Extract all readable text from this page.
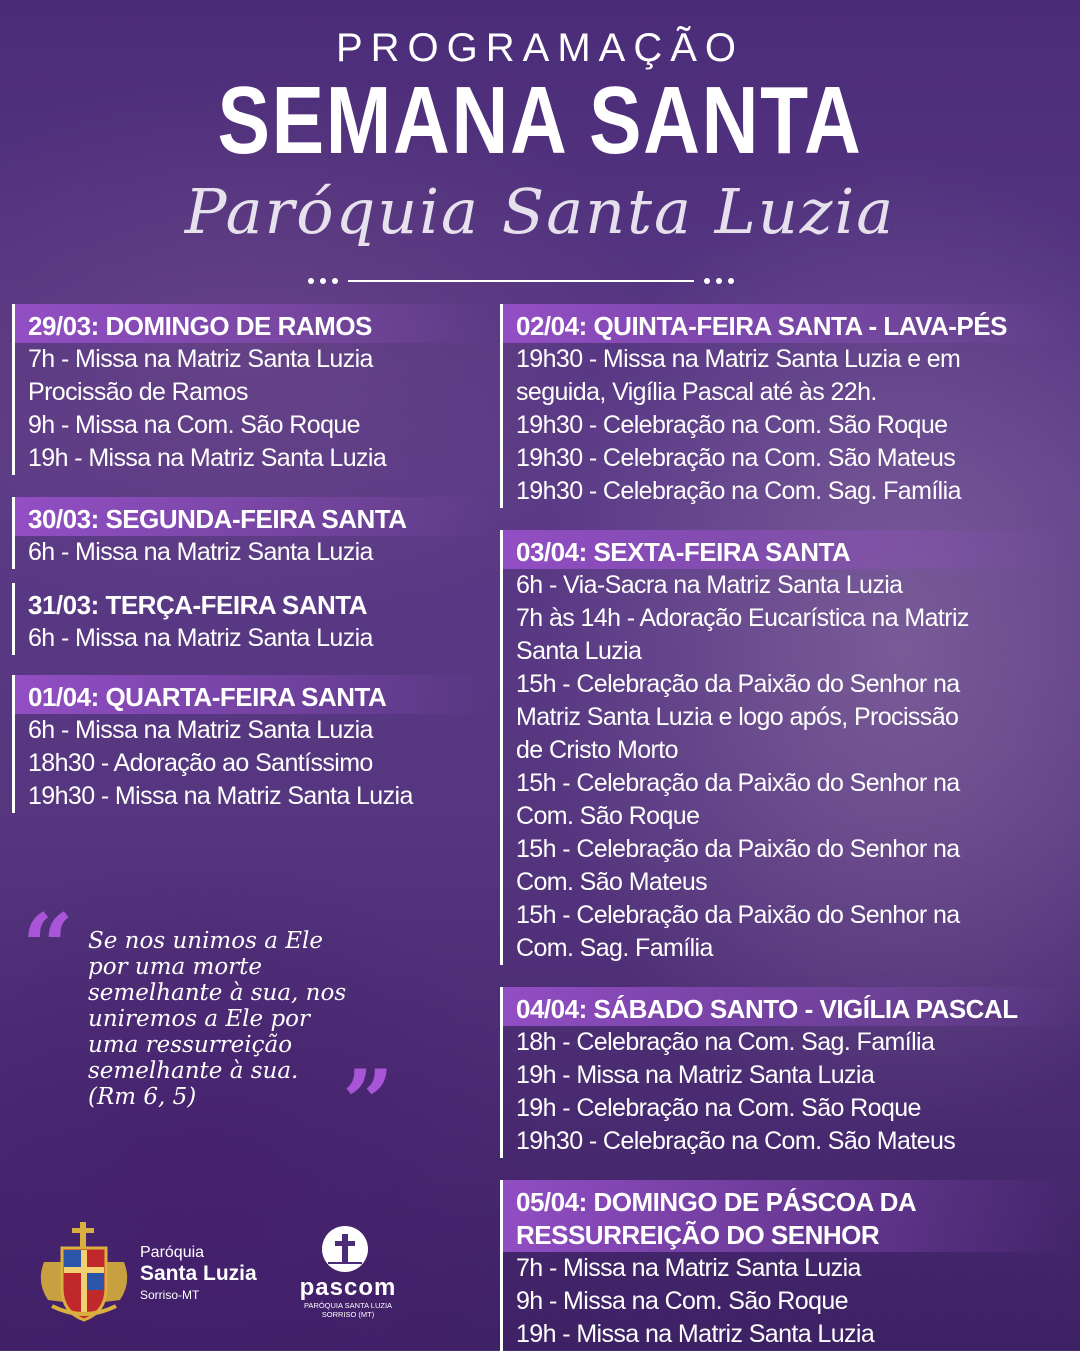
PROGRAMAÇÃO
SEMANA SANTA
Paróquia Santa Luzia
29/03: DOMINGO DE RAMOS
7h - Missa na Matriz Santa Luzia
Procissão de Ramos
9h - Missa na Com. São Roque
19h - Missa na Matriz Santa Luzia
30/03: SEGUNDA-FEIRA SANTA
6h - Missa na Matriz Santa Luzia
31/03: TERÇA-FEIRA SANTA
6h - Missa na Matriz Santa Luzia
01/04: QUARTA-FEIRA SANTA
6h - Missa na Matriz Santa Luzia
18h30 - Adoração ao Santíssimo
19h30 - Missa na Matriz Santa Luzia
02/04: QUINTA-FEIRA SANTA - LAVA-PÉS
19h30 - Missa na Matriz Santa Luzia e em
seguida, Vigília Pascal até às 22h.
19h30 - Celebração na Com. São Roque
19h30 - Celebração na Com. São Mateus
19h30 - Celebração na Com. Sag. Família
03/04: SEXTA-FEIRA SANTA
6h - Via-Sacra na Matriz Santa Luzia
7h às 14h - Adoração Eucarística na Matriz
Santa Luzia
15h - Celebração da Paixão do Senhor na
Matriz Santa Luzia e logo após, Procissão
de Cristo Morto
15h - Celebração da Paixão do Senhor na
Com. São Roque
15h - Celebração da Paixão do Senhor na
Com. São Mateus
15h - Celebração da Paixão do Senhor na
Com. Sag. Família
04/04: SÁBADO SANTO - VIGÍLIA PASCAL
18h - Celebração na Com. Sag. Família
19h - Missa na Matriz Santa Luzia
19h - Celebração na Com. São Roque
19h30 - Celebração na Com. São Mateus
05/04: DOMINGO DE PÁSCOA DA
RESSURREIÇÃO DO SENHOR
7h - Missa na Matriz Santa Luzia
9h - Missa na Com. São Roque
19h - Missa na Matriz Santa Luzia
“ Se nos unimos a Ele
por uma morte
semelhante à sua, nos
uniremos a Ele por
uma ressurreição
semelhante à sua.
(Rm 6, 5)	”
Paróquia
Santa Luzia
Sorriso-MT	pascom
PARÓQUIA SANTA LUZIA
SORRISO (MT)
